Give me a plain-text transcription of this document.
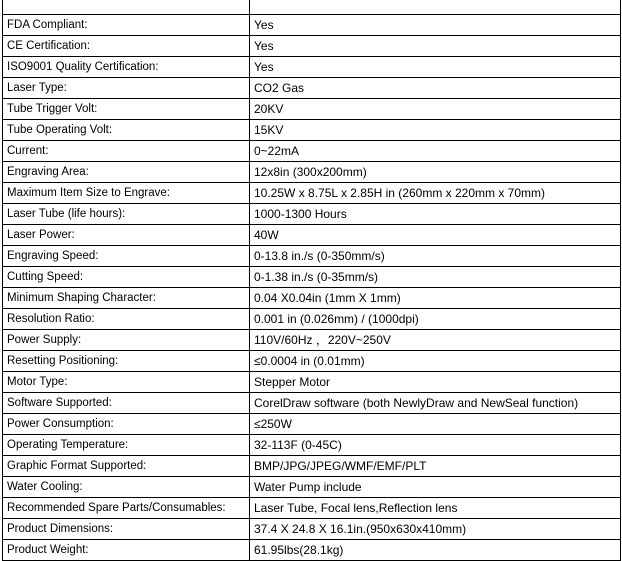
FDA Compliant:	Yes
CE Certification:	Yes
ISO9001 Quality Certification:	Yes
Laser Type:	CO2 Gas
Tube Trigger Volt:	20KV
Tube Operating Volt:	15KV
Current:	0~22mA
Engraving Area:	12x8in (300x200mm)
Maximum Item Size to Engrave:	10.25W x 8.75L x 2.85H in (260mm x 220mm x 70mm)
Laser Tube (life hours):	1000-1300 Hours
Laser Power:	40W
Engraving Speed:	0-13.8 in./s (0-350mm/s)
Cutting Speed:	0-1.38 in./s (0-35mm/s)
Minimum Shaping Character:	0.04 X0.04in (1mm X 1mm)
Resolution Ratio:	0.001 in (0.026mm) / (1000dpi)
Power Supply:	110V/60Hz ，220V~250V
Resetting Positioning:	≤0.0004 in (0.01mm)
Motor Type:	Stepper Motor
Software Supported:	CorelDraw software (both NewlyDraw and NewSeal function)
Power Consumption:	≤250W
Operating Temperature:	32-113F (0-45C)
Graphic Format Supported:	BMP/JPG/JPEG/WMF/EMF/PLT
Water Cooling:	Water Pump include
Recommended Spare Parts/Consumables:	Laser Tube, Focal lens,Reflection lens
Product Dimensions:	37.4 X 24.8 X 16.1in.(950x630x410mm)
Product Weight:	61.95lbs(28.1kg)
